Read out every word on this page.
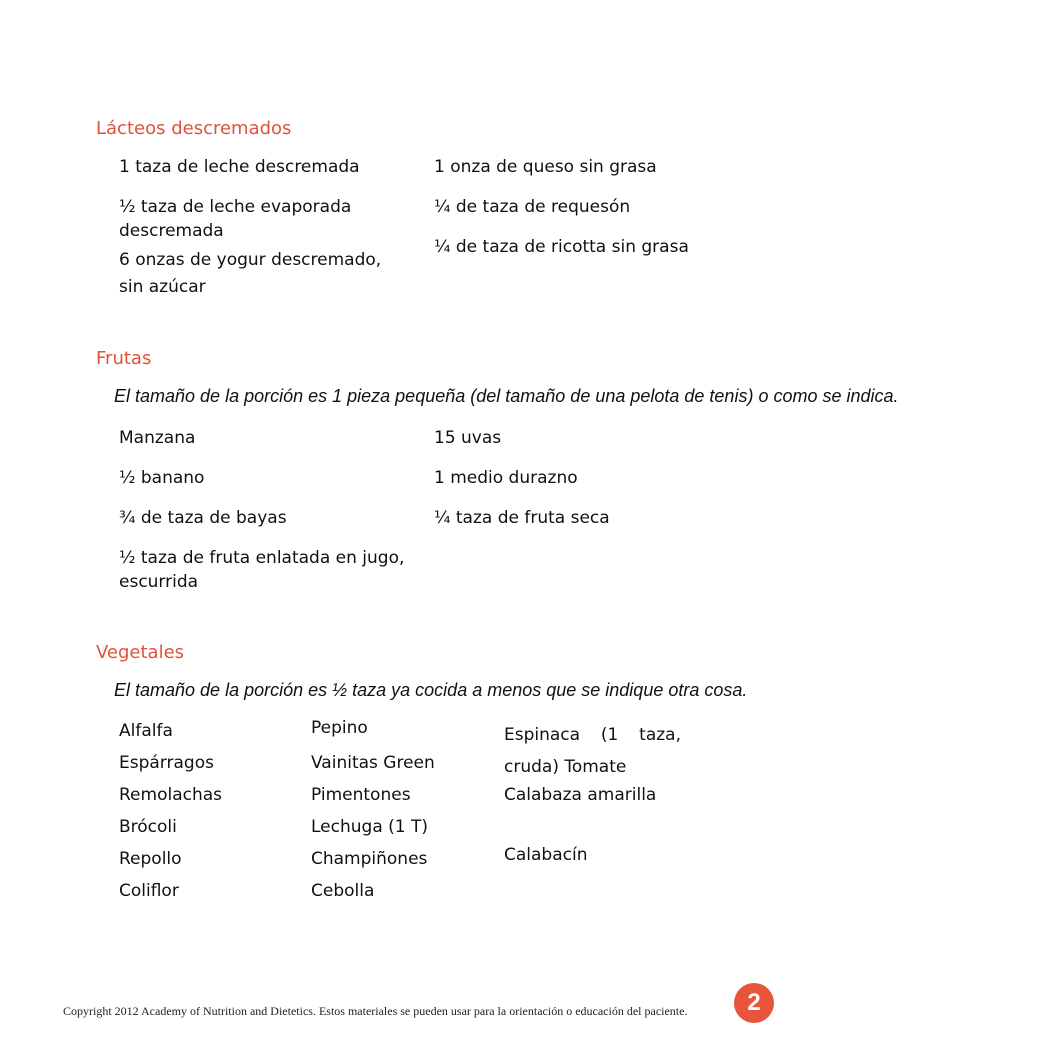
Lácteos descremados
1 taza de leche descremada
½ taza de leche evaporada descremada
6 onzas de yogur descremado, sin azúcar
1 onza de queso sin grasa
¼ de taza de requesón
¼ de taza de ricotta sin grasa
Frutas
El tamaño de la porción es 1 pieza pequeña (del tamaño de una pelota de tenis) o como se indica.
Manzana
½ banano
¾ de taza de bayas
½ taza de fruta enlatada en jugo, escurrida
15 uvas
1 medio durazno
¼ taza de fruta seca
Vegetales
El tamaño de la porción es ½ taza ya cocida a menos que se indique otra cosa.
Alfalfa
Espárragos
Remolachas
Brócoli
Repollo
Coliflor
Pepino
Vainitas Green
Pimentones
Lechuga (1 T)
Champiñones
Cebolla
Espinaca (1 taza, cruda) Tomate
Calabaza amarilla
Calabacín
Copyright 2012 Academy of Nutrition and Dietetics. Estos materiales se pueden usar para la orientación o educación del paciente.	2
